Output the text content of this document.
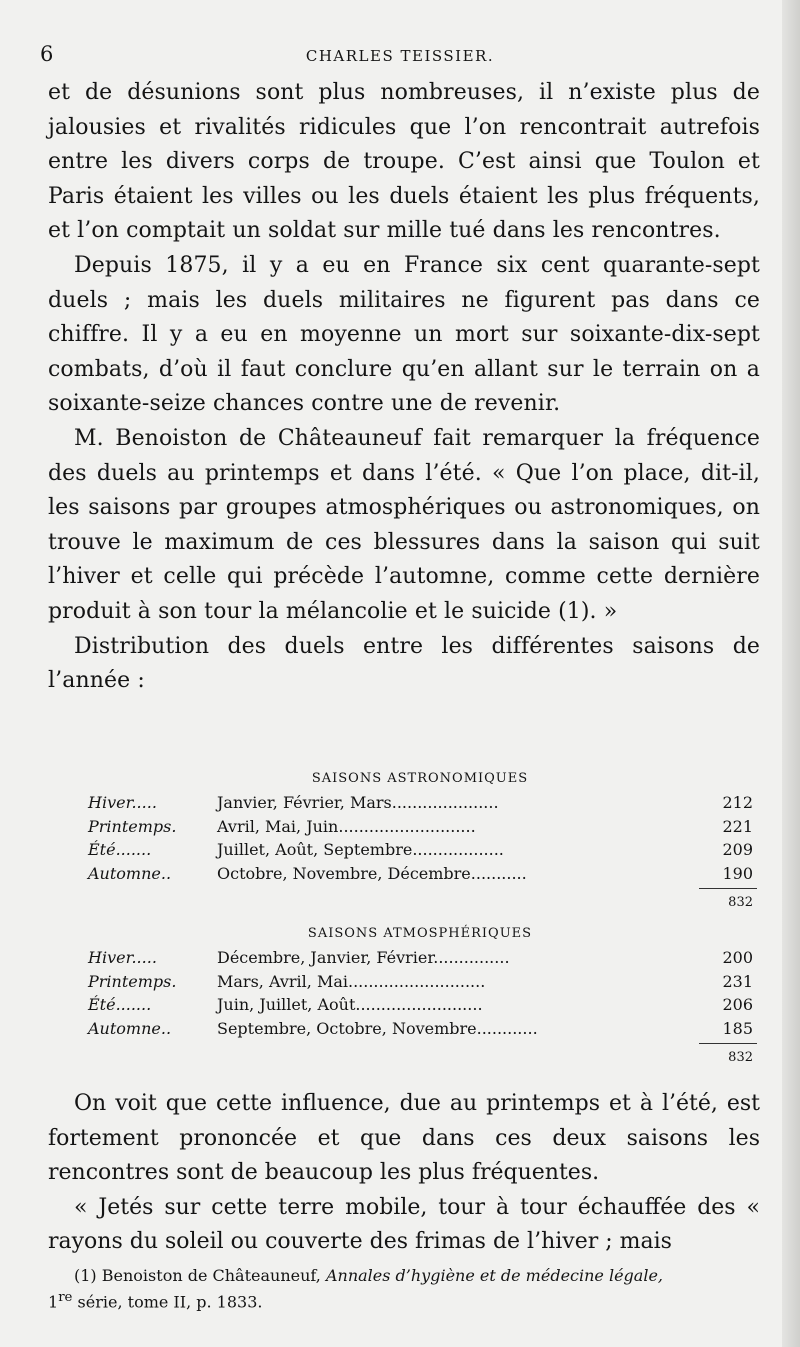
6	CHARLES TEISSIER.

et de désunions sont plus nombreuses, il n’existe plus de jalousies et rivalités ridicules que l’on rencontrait autrefois entre les divers corps de troupe. C’est ainsi que Toulon et Paris étaient les villes ou les duels étaient les plus fréquents, et l’on comptait un soldat sur mille tué dans les rencontres.

Depuis 1875, il y a eu en France six cent quarante-sept duels ; mais les duels militaires ne figurent pas dans ce chiffre. Il y a eu en moyenne un mort sur soixante-dix-sept combats, d’où il faut conclure qu’en allant sur le terrain on a soixante-seize chances contre une de revenir.

M. Benoiston de Châteauneuf fait remarquer la fréquence des duels au printemps et dans l’été. « Que l’on place, dit-il, les saisons par groupes atmosphériques ou astronomiques, on trouve le maximum de ces blessures dans la saison qui suit l’hiver et celle qui précède l’automne, comme cette dernière produit à son tour la mélancolie et le suicide (1). »

Distribution des duels entre les différentes saisons de l’année :

SAISONS ASTRONOMIQUES
Hiver.....	Janvier, Février, Mars.....................	212
Printemps.	Avril, Mai, Juin...........................	221
Été.......	Juillet, Août, Septembre..................	209
Automne..	Octobre, Novembre, Décembre...........	190
832
SAISONS ATMOSPHÉRIQUES
Hiver.....	Décembre, Janvier, Février...............	200
Printemps.	Mars, Avril, Mai...........................	231
Été.......	Juin, Juillet, Août.........................	206
Automne..	Septembre, Octobre, Novembre............	185
832

On voit que cette influence, due au printemps et à l’été, est fortement prononcée et que dans ces deux saisons les rencontres sont de beaucoup les plus fréquentes.

« Jetés sur cette terre mobile, tour à tour échauffée des « rayons du soleil ou couverte des frimas de l’hiver ; mais

(1) Benoiston de Châteauneuf, Annales d’hygiène et de médecine légale,
1re série, tome II, p. 1833.
